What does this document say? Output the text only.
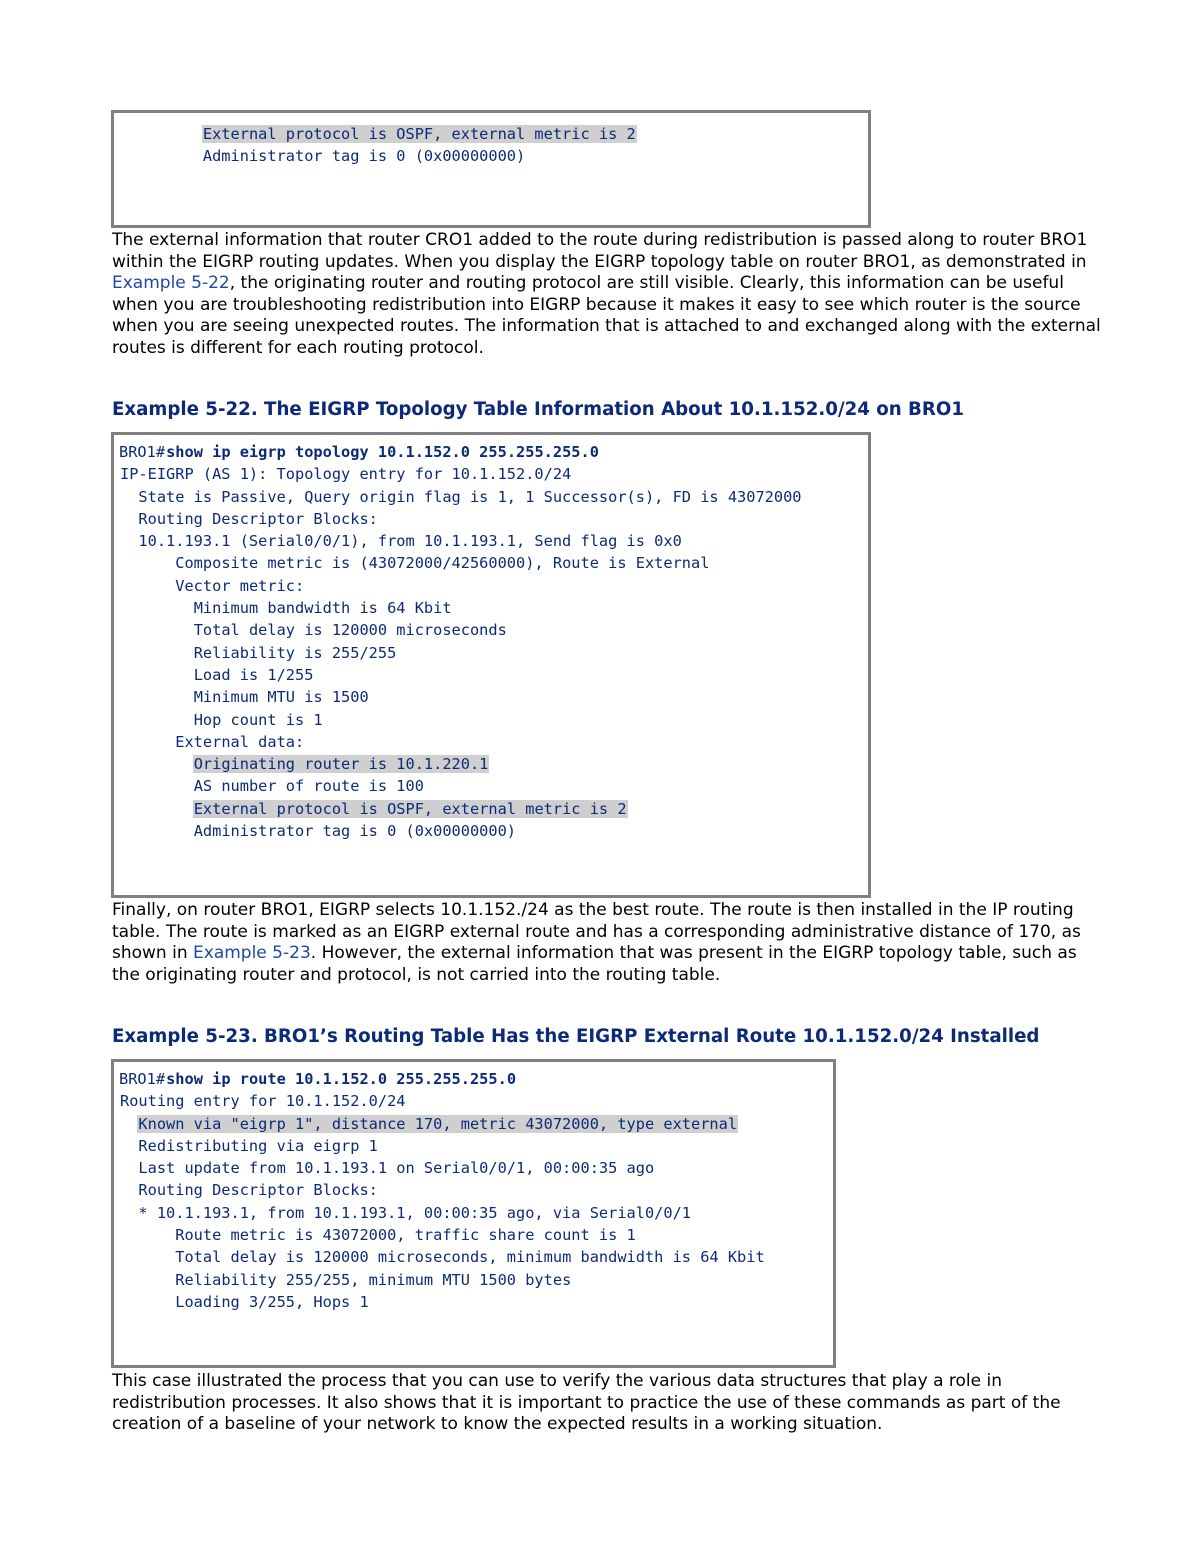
External protocol is OSPF, external metric is 2
Administrator tag is 0 (0x00000000)

The external information that router CRO1 added to the route during redistribution is passed along to router BRO1 within the EIGRP routing updates. When you display the EIGRP topology table on router BRO1, as demonstrated in Example 5-22, the originating router and routing protocol are still visible. Clearly, this information can be useful when you are troubleshooting redistribution into EIGRP because it makes it easy to see which router is the source when you are seeing unexpected routes. The information that is attached to and exchanged along with the external routes is different for each routing protocol.

Example 5-22. The EIGRP Topology Table Information About 10.1.152.0/24 on BRO1
BRO1#show ip eigrp topology 10.1.152.0 255.255.255.0
IP-EIGRP (AS 1): Topology entry for 10.1.152.0/24
State is Passive, Query origin flag is 1, 1 Successor(s), FD is 43072000
Routing Descriptor Blocks:
10.1.193.1 (Serial0/0/1), from 10.1.193.1, Send flag is 0x0
Composite metric is (43072000/42560000), Route is External
Vector metric:
Minimum bandwidth is 64 Kbit
Total delay is 120000 microseconds
Reliability is 255/255
Load is 1/255
Minimum MTU is 1500
Hop count is 1
External data:
Originating router is 10.1.220.1
AS number of route is 100
External protocol is OSPF, external metric is 2
Administrator tag is 0 (0x00000000)

Finally, on router BRO1, EIGRP selects 10.1.152./24 as the best route. The route is then installed in the IP routing table. The route is marked as an EIGRP external route and has a corresponding administrative distance of 170, as shown in Example 5-23. However, the external information that was present in the EIGRP topology table, such as the originating router and protocol, is not carried into the routing table.

Example 5-23. BRO1’s Routing Table Has the EIGRP External Route 10.1.152.0/24 Installed
BRO1#show ip route 10.1.152.0 255.255.255.0
Routing entry for 10.1.152.0/24
Known via "eigrp 1", distance 170, metric 43072000, type external
Redistributing via eigrp 1
Last update from 10.1.193.1 on Serial0/0/1, 00:00:35 ago
Routing Descriptor Blocks:
* 10.1.193.1, from 10.1.193.1, 00:00:35 ago, via Serial0/0/1
Route metric is 43072000, traffic share count is 1
Total delay is 120000 microseconds, minimum bandwidth is 64 Kbit
Reliability 255/255, minimum MTU 1500 bytes
Loading 3/255, Hops 1

This case illustrated the process that you can use to verify the various data structures that play a role in redistribution processes. It also shows that it is important to practice the use of these commands as part of the creation of a baseline of your network to know the expected results in a working situation.
